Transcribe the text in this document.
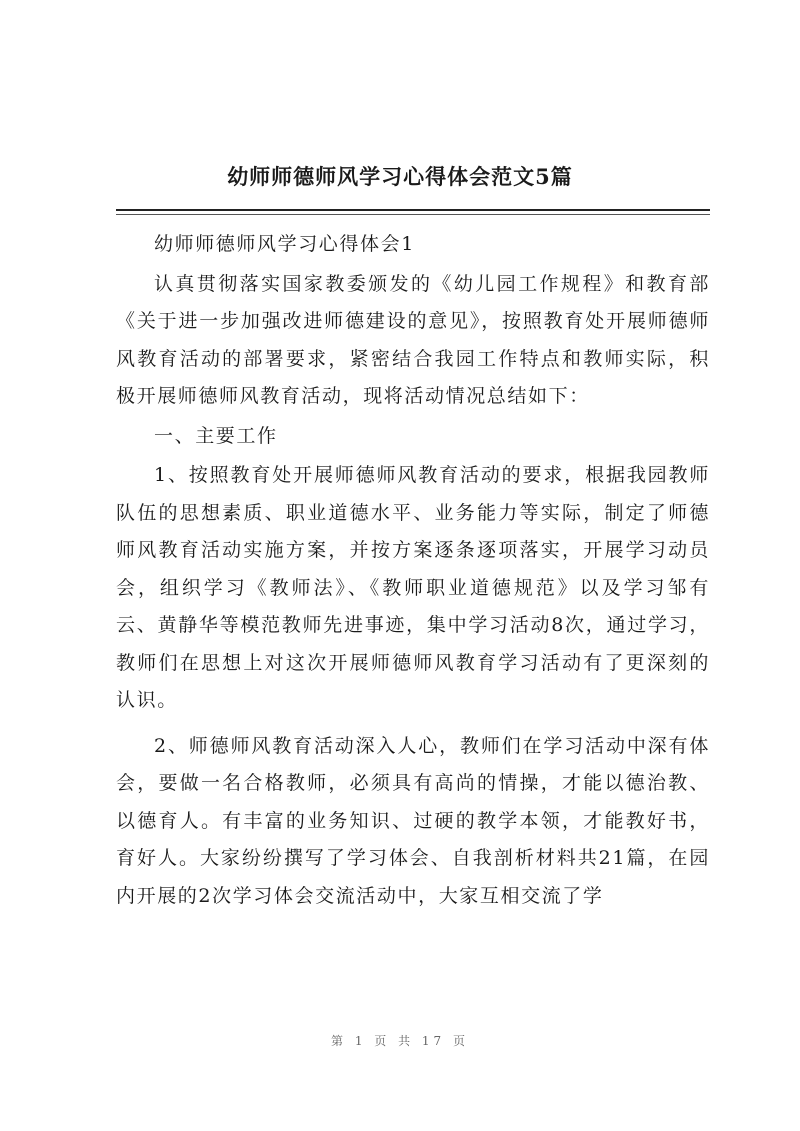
幼师师德师风学习心得体会范文5篇

幼师师德师风学习心得体会1

认真贯彻落实国家教委颁发的《幼儿园工作规程》和教育部《关于进一步加强改进师德建设的意见》，按照教育处开展师德师风教育活动的部署要求，紧密结合我园工作特点和教师实际，积极开展师德师风教育活动，现将活动情况总结如下：

一、主要工作

1、按照教育处开展师德师风教育活动的要求，根据我园教师队伍的思想素质、职业道德水平、业务能力等实际，制定了师德师风教育活动实施方案，并按方案逐条逐项落实，开展学习动员会，组织学习《教师法》、《教师职业道德规范》以及学习邹有云、黄静华等模范教师先进事迹，集中学习活动8次，通过学习，教师们在思想上对这次开展师德师风教育学习活动有了更深刻的认识。

2、师德师风教育活动深入人心，教师们在学习活动中深有体会，要做一名合格教师，必须具有高尚的情操，才能以德治教、以德育人。有丰富的业务知识、过硬的教学本领，才能教好书，育好人。大家纷纷撰写了学习体会、自我剖析材料共21篇，在园内开展的2次学习体会交流活动中，大家互相交流了学

第 1 页 共 17 页
